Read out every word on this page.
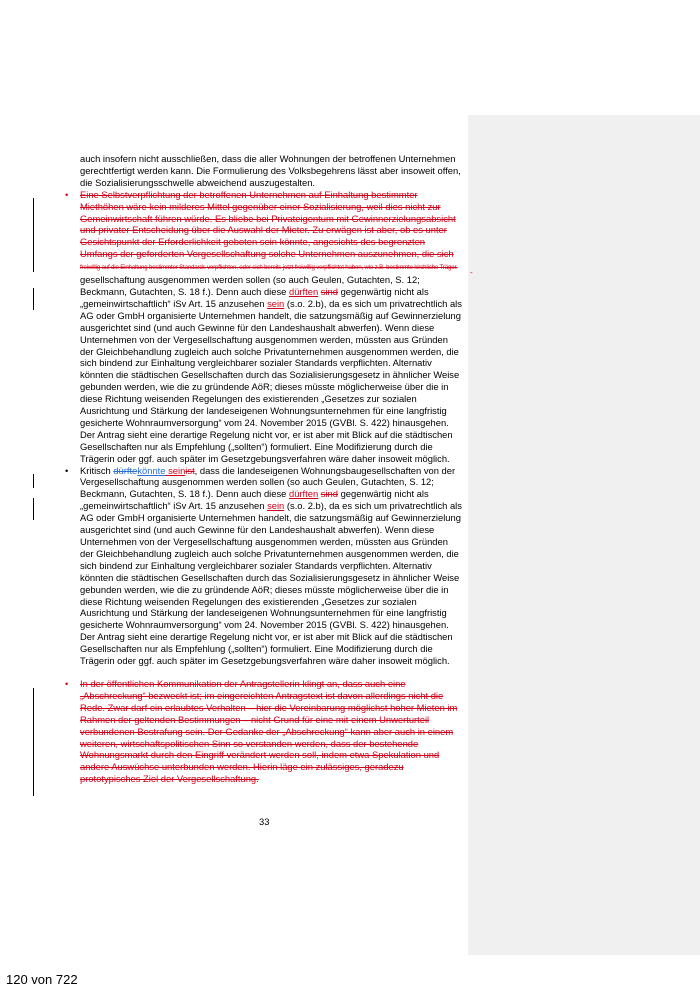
-

auch insofern nicht ausschließen, dass die aller Wohnungen der betroffenen Unternehmen gerechtfertigt werden kann. Die Formulierung des Volksbegehrens lässt aber insoweit offen, die Sozialisierungsschwelle abweichend auszugestalten.

• Eine Selbstverpflichtung der betroffenen Unternehmen auf Einhaltung bestimmter Miethöhen wäre kein milderes Mittel gegenüber einer Sozialisierung, weil dies nicht zur Gemeinwirtschaft führen würde. Es bliebe bei Privateigentum mit Gewinnerzielungsabsicht und privater Entscheidung über die Auswahl der Mieter. Zu erwägen ist aber, ob es unter Gesichtspunkt der Erforderlichkeit geboten sein könnte, angesichts des begrenzten Umfangs der geforderten Vergesellschaftung solche Unternehmen auszunehmen, die sich

freiwillig auf die Einhaltung bestimmter Standards verpflichten, oder sich bereits jetzt freiwillig verpflichtet haben, wie z.B. bestimmte kirchliche Träger.

gesellschaftung ausgenommen werden sollen (so auch Geulen, Gutachten, S. 12; Beckmann, Gutachten, S. 18 f.). Denn auch diese dürften sind gegenwärtig nicht als „gemeinwirtschaftlich“ iSv Art. 15 anzusehen sein (s.o. 2.b), da es sich um privatrechtlich als AG oder GmbH organisierte Unternehmen handelt, die satzungsmäßig auf Gewinnerzielung ausgerichtet sind (und auch Gewinne für den Landeshaushalt abwerfen). Wenn diese Unternehmen von der Vergesellschaftung ausgenommen werden, müssten aus Gründen der Gleichbehandlung zugleich auch solche Privatunternehmen ausgenommen werden, die sich bindend zur Einhaltung vergleichbarer sozialer Standards verpflichten. Alternativ könnten die städtischen Gesellschaften durch das Sozialisierungsgesetz in ähnlicher Weise gebunden werden, wie die zu gründende AöR; dieses müsste möglicherweise über die in diese Richtung weisenden Regelungen des existierenden „Gesetzes zur sozialen Ausrichtung und Stärkung der landeseigenen Wohnungsunternehmen für eine langfristig gesicherte Wohnraumversorgung“ vom 24. November 2015 (GVBl. S. 422) hinausgehen. Der Antrag sieht eine derartige Regelung nicht vor, er ist aber mit Blick auf die städtischen Gesellschaften nur als Empfehlung („sollten“) formuliert. Eine Modifizierung durch die Trägerin oder ggf. auch später im Gesetzgebungsverfahren wäre daher insoweit möglich.

• Kritisch dürftekönnte seinist, dass die landeseigenen Wohnungsbaugesellschaften von der Vergesellschaftung ausgenommen werden sollen (so auch Geulen, Gutachten, S. 12; Beckmann, Gutachten, S. 18 f.). Denn auch diese dürften sind gegenwärtig nicht als „gemeinwirtschaftlich“ iSv Art. 15 anzusehen sein (s.o. 2.b), da es sich um privatrechtlich als AG oder GmbH organisierte Unternehmen handelt, die satzungsmäßig auf Gewinnerzielung ausgerichtet sind (und auch Gewinne für den Landeshaushalt abwerfen). Wenn diese Unternehmen von der Vergesellschaftung ausgenommen werden, müssten aus Gründen der Gleichbehandlung zugleich auch solche Privatunternehmen ausgenommen werden, die sich bindend zur Einhaltung vergleichbarer sozialer Standards verpflichten. Alternativ könnten die städtischen Gesellschaften durch das Sozialisierungsgesetz in ähnlicher Weise gebunden werden, wie die zu gründende AöR; dieses müsste möglicherweise über die in diese Richtung weisenden Regelungen des existierenden „Gesetzes zur sozialen Ausrichtung und Stärkung der landeseigenen Wohnungsunternehmen für eine langfristig gesicherte Wohnraumversorgung“ vom 24. November 2015 (GVBl. S. 422) hinausgehen. Der Antrag sieht eine derartige Regelung nicht vor, er ist aber mit Blick auf die städtischen Gesellschaften nur als Empfehlung („sollten“) formuliert. Eine Modifizierung durch die Trägerin oder ggf. auch später im Gesetzgebungsverfahren wäre daher insoweit möglich.

• In der öffentlichen Kommunikation der Antragstellerin klingt an, dass auch eine „Abschreckung“ bezweckt ist; im eingereichten Antragstext ist davon allerdings nicht die Rede. Zwar darf ein erlaubtes Verhalten – hier die Vereinbarung möglichst hoher Mieten im Rahmen der geltenden Bestimmungen – nicht Grund für eine mit einem Unwerturteil verbundenen Bestrafung sein. Der Gedanke der „Abschreckung“ kann aber auch in einem weiteren, wirtschaftspolitischen Sinn so verstanden werden, dass der bestehende Wohnungsmarkt durch den Eingriff verändert werden soll, indem etwa Spekulation und andere Auswüchse unterbunden werden. Hierin läge ein zulässiges, geradezu prototypisches Ziel der Vergesellschaftung.

33
120 von 722
